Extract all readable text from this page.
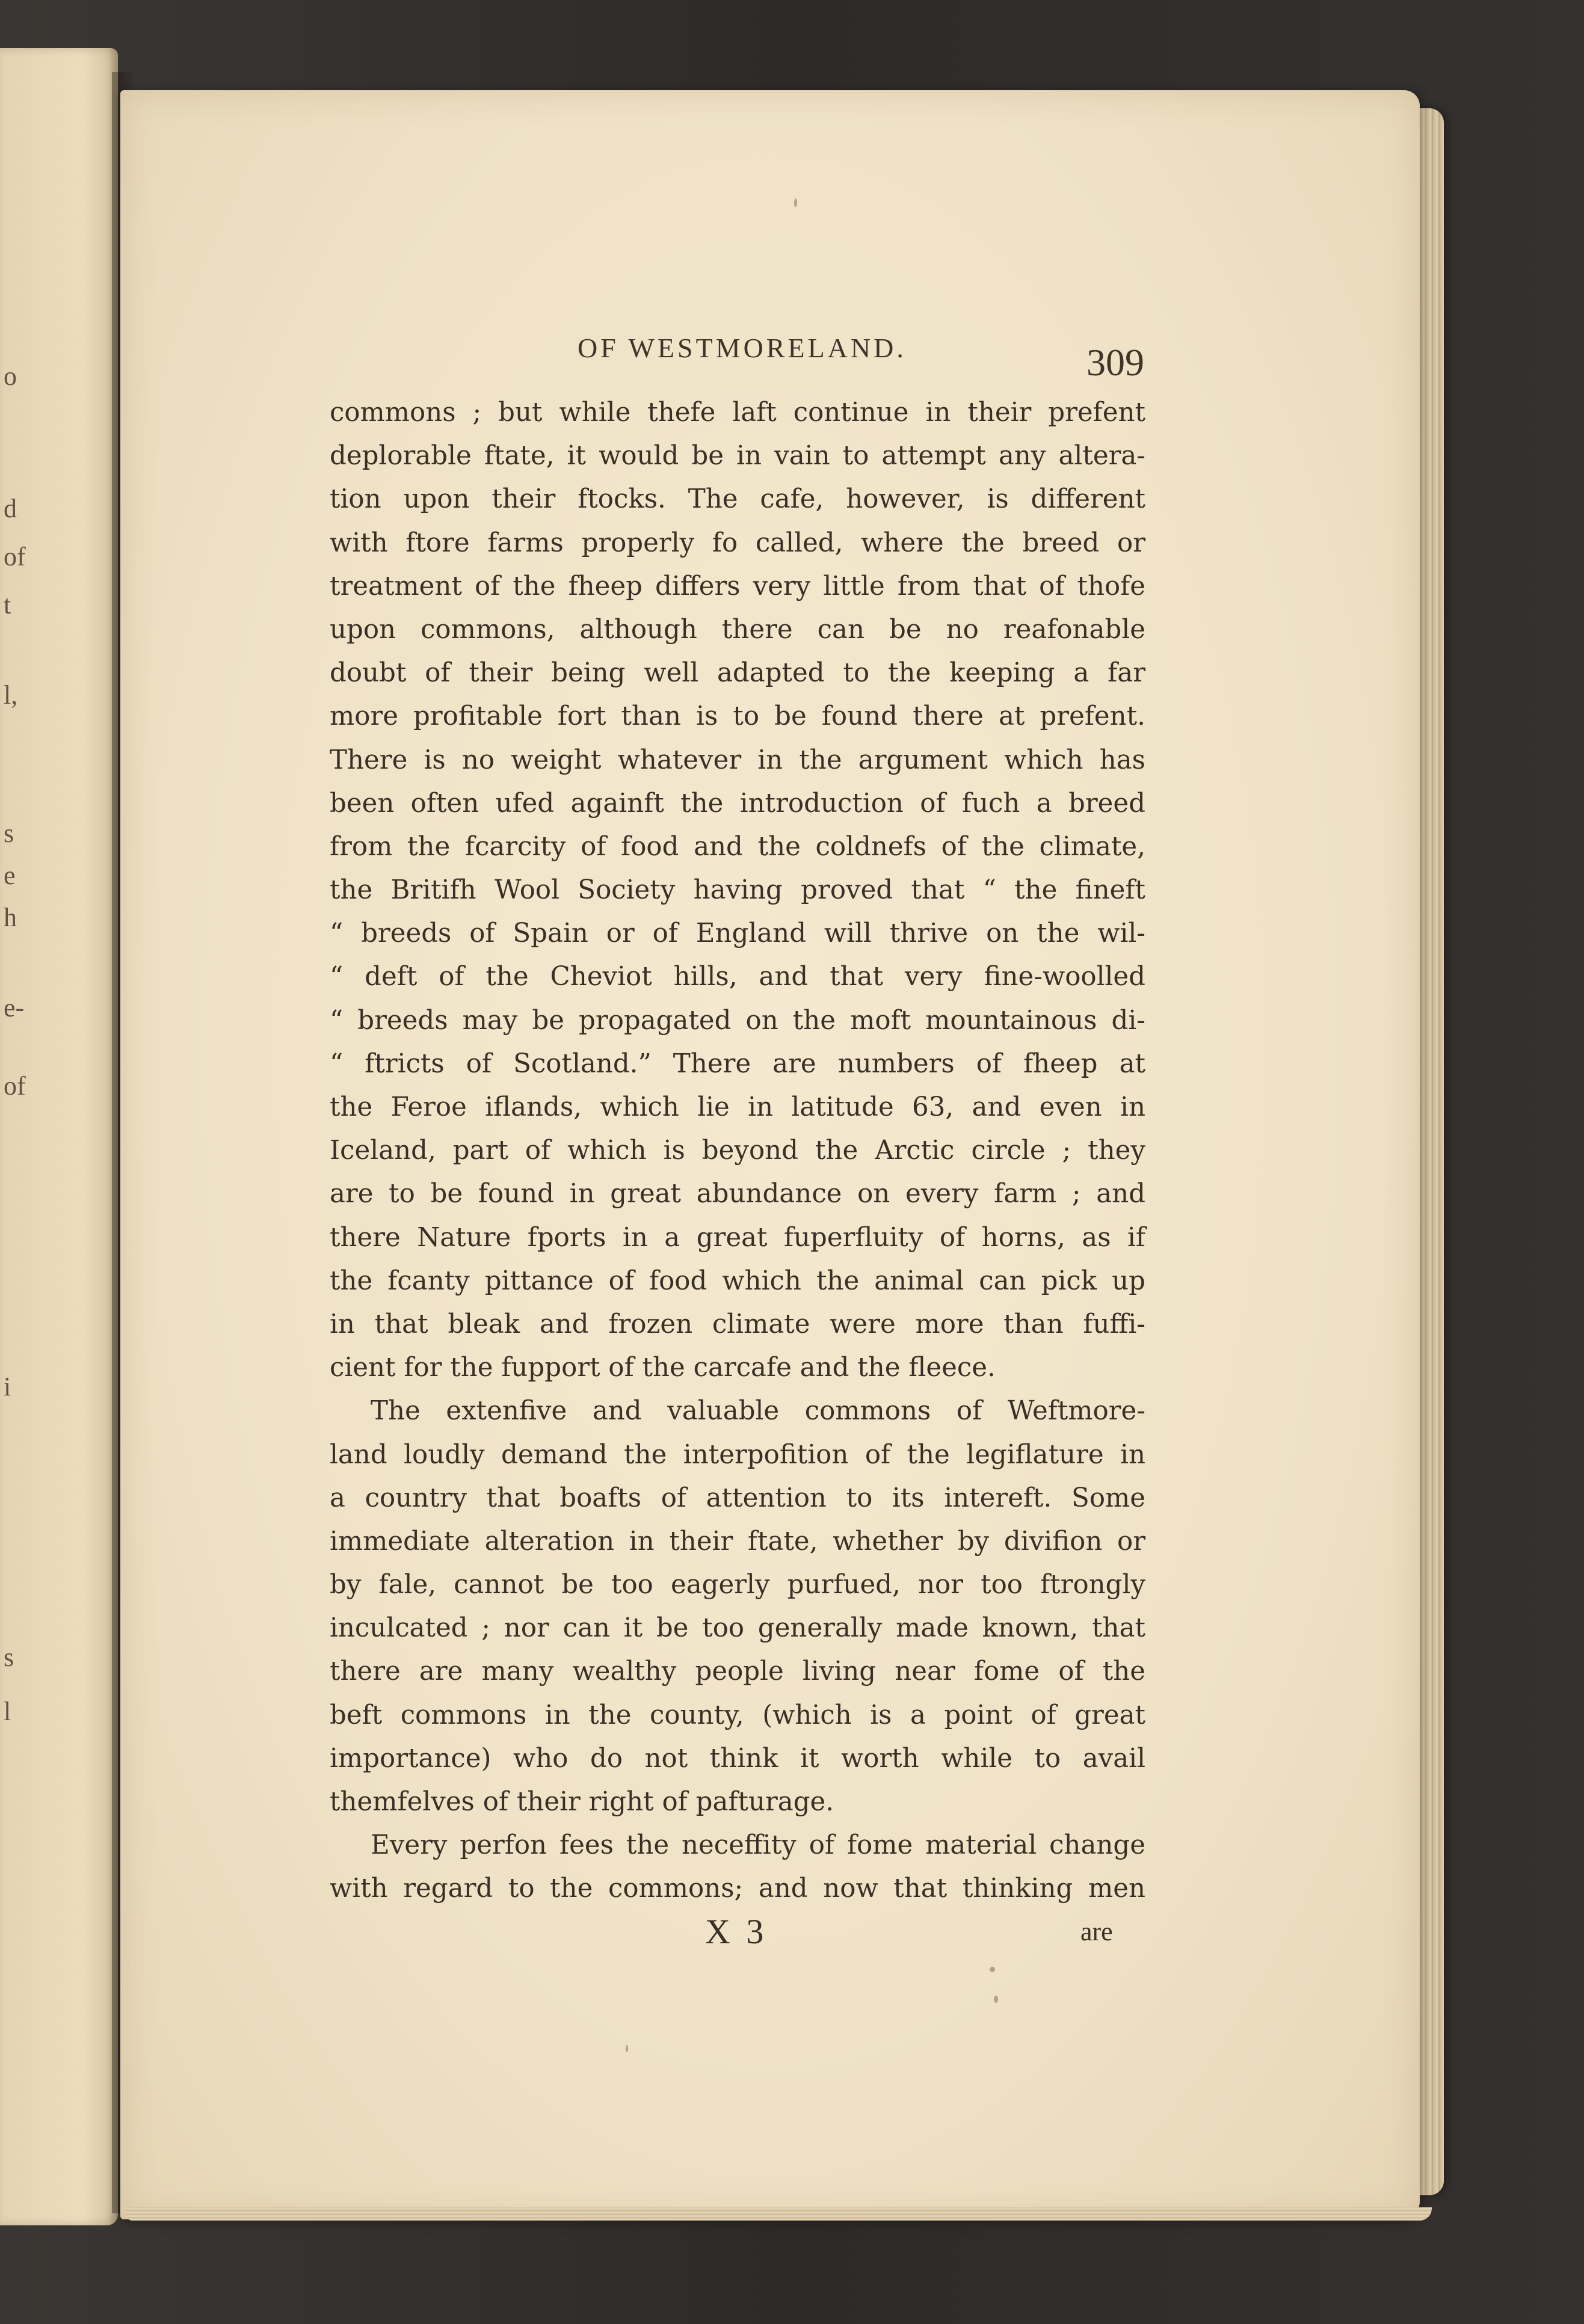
o
d
of
t
l,
s
e
h
e-
of
i
s
l
OF WESTMORELAND.	309
commons ; but while thefe laft continue in their prefent
deplorable ftate, it would be in vain to attempt any altera-
tion upon their ftocks. The cafe, however, is different
with ftore farms properly fo called, where the breed or
treatment of the fheep differs very little from that of thofe
upon commons, although there can be no reafonable
doubt of their being well adapted to the keeping a far
more profitable fort than is to be found there at prefent.
There is no weight whatever in the argument which has
been often ufed againft the introduction of fuch a breed
from the fcarcity of food and the coldnefs of the climate,
the Britifh Wool Society having proved that “ the fineft
“ breeds of Spain or of England will thrive on the wil-
“ deft of the Cheviot hills, and that very fine-woolled
“ breeds may be propagated on the moft mountainous di-
“ ftricts of Scotland.” There are numbers of fheep at
the Feroe iflands, which lie in latitude 63, and even in
Iceland, part of which is beyond the Arctic circle ; they
are to be found in great abundance on every farm ; and
there Nature fports in a great fuperfluity of horns, as if
the fcanty pittance of food which the animal can pick up
in that bleak and frozen climate were more than fuffi-
cient for the fupport of the carcafe and the fleece.
The extenfive and valuable commons of Weftmore-
land loudly demand the interpofition of the legiflature in
a country that boafts of attention to its intereft. Some
immediate alteration in their ftate, whether by divifion or
by fale, cannot be too eagerly purfued, nor too ftrongly
inculcated ; nor can it be too generally made known, that
there are many wealthy people living near fome of the
beft commons in the county, (which is a point of great
importance) who do not think it worth while to avail
themfelves of their right of pafturage.
Every perfon fees the neceffity of fome material change
with regard to the commons; and now that thinking men
X 3	are
